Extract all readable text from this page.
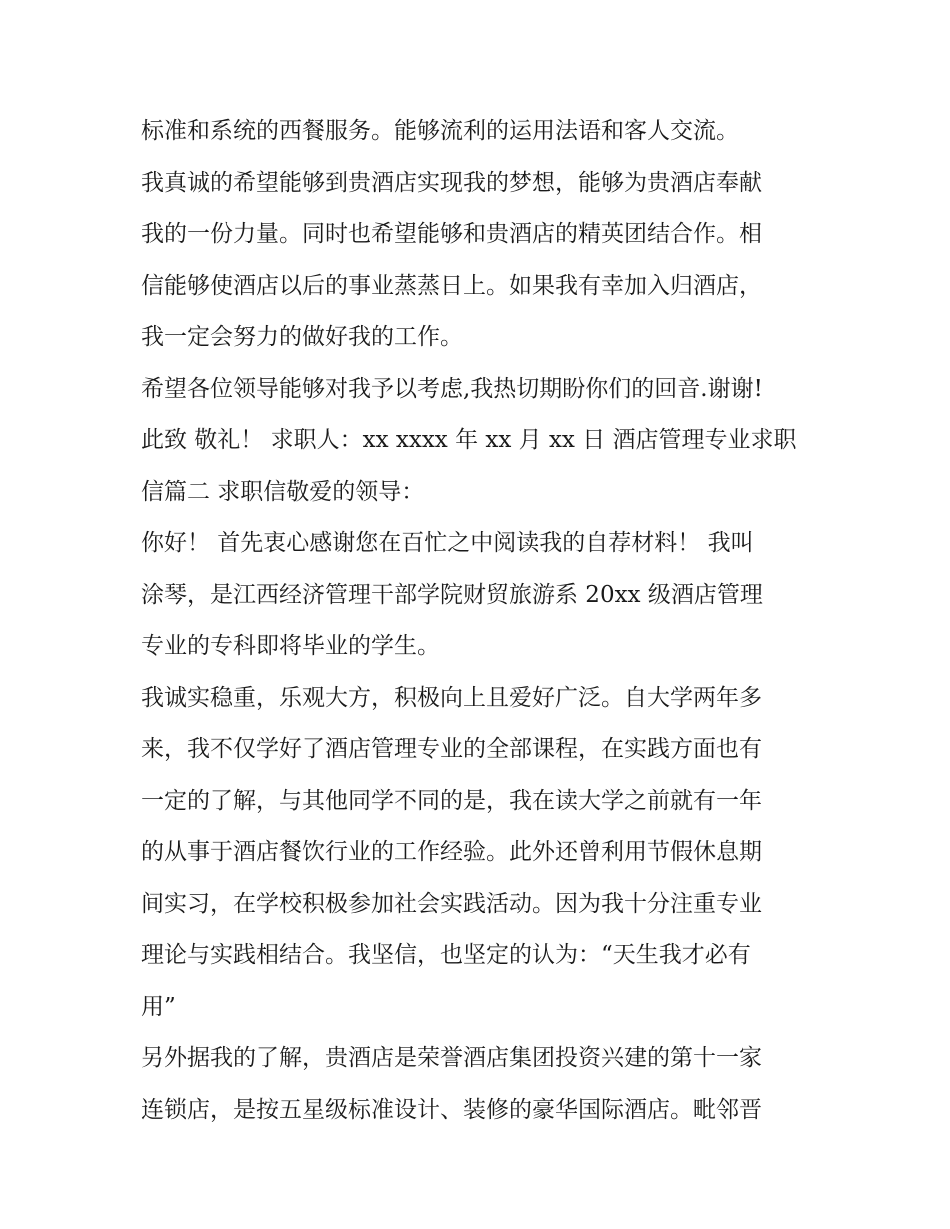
标准和系统的西餐服务。能够流利的运用法语和客人交流。
我真诚的希望能够到贵酒店实现我的梦想，能够为贵酒店奉献
我的一份力量。同时也希望能够和贵酒店的精英团结合作。相
信能够使酒店以后的事业蒸蒸日上。如果我有幸加入归酒店，
我一定会努力的做好我的工作。
希望各位领导能够对我予以考虑,我热切期盼你们的回音.谢谢!
此致 敬礼！ 求职人：xx xxxx 年 xx 月 xx 日 酒店管理专业求职
信篇二 求职信敬爱的领导：
你好！ 首先衷心感谢您在百忙之中阅读我的自荐材料！ 我叫
涂琴，是江西经济管理干部学院财贸旅游系 20xx 级酒店管理
专业的专科即将毕业的学生。
我诚实稳重，乐观大方，积极向上且爱好广泛。自大学两年多
来，我不仅学好了酒店管理专业的全部课程，在实践方面也有
一定的了解，与其他同学不同的是，我在读大学之前就有一年
的从事于酒店餐饮行业的工作经验。此外还曾利用节假休息期
间实习，在学校积极参加社会实践活动。因为我十分注重专业
理论与实践相结合。我坚信，也坚定的认为：“天生我才必有
用”
另外据我的了解，贵酒店是荣誉酒店集团投资兴建的第十一家
连锁店，是按五星级标准设计、装修的豪华国际酒店。毗邻晋
